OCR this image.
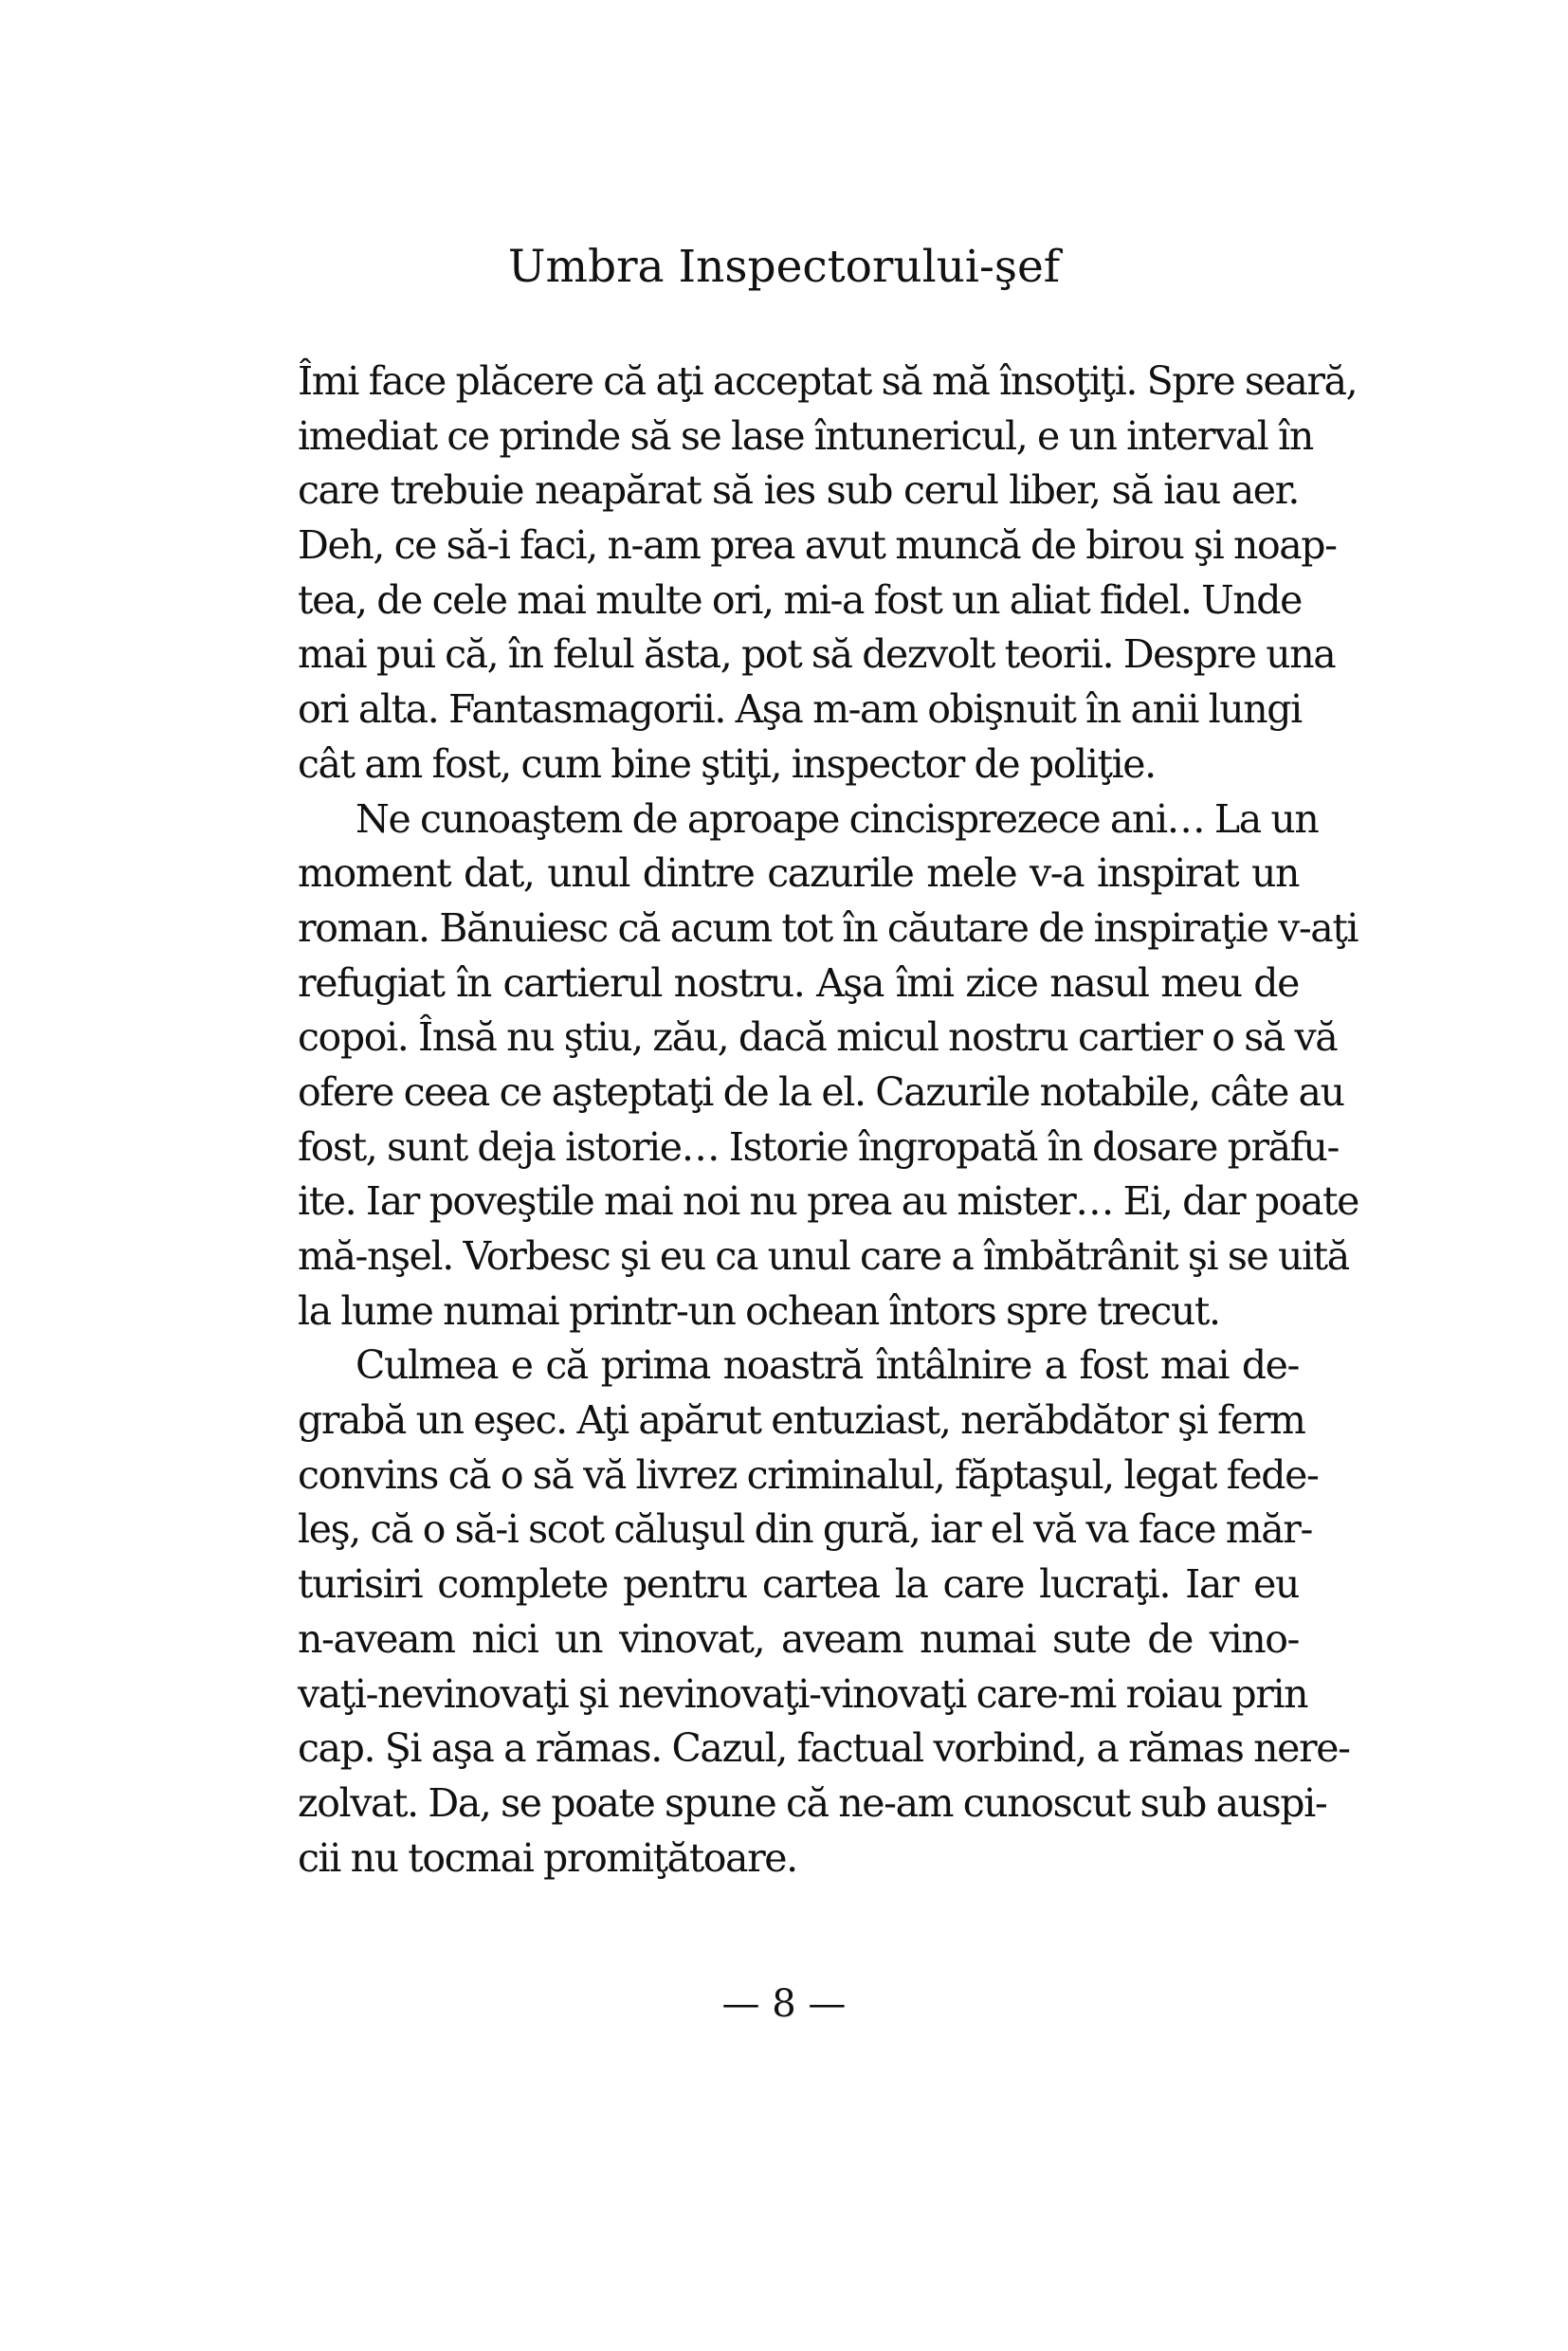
Umbra Inspectorului-şef
Îmi face plăcere că aţi acceptat să mă însoţiţi. Spre seară,
imediat ce prinde să se lase întunericul, e un interval în
care trebuie neapărat să ies sub cerul liber, să iau aer.
Deh, ce să-i faci, n-am prea avut muncă de birou şi noap-
tea, de cele mai multe ori, mi-a fost un aliat fidel. Unde
mai pui că, în felul ăsta, pot să dezvolt teorii. Despre una
ori alta. Fantasmagorii. Aşa m-am obişnuit în anii lungi
cât am fost, cum bine ştiţi, inspector de poliţie.
Ne cunoaştem de aproape cincisprezece ani… La un
moment dat, unul dintre cazurile mele v-a inspirat un
roman. Bănuiesc că acum tot în căutare de inspiraţie v-aţi
refugiat în cartierul nostru. Aşa îmi zice nasul meu de
copoi. Însă nu ştiu, zău, dacă micul nostru cartier o să vă
ofere ceea ce aşteptaţi de la el. Cazurile notabile, câte au
fost, sunt deja istorie… Istorie îngropată în dosare prăfu-
ite. Iar poveştile mai noi nu prea au mister… Ei, dar poate
mă-nşel. Vorbesc şi eu ca unul care a îmbătrânit şi se uită
la lume numai printr-un ochean întors spre trecut.
Culmea e că prima noastră întâlnire a fost mai de-
grabă un eşec. Aţi apărut entuziast, nerăbdător şi ferm
convins că o să vă livrez criminalul, făptaşul, legat fede-
leş, că o să-i scot căluşul din gură, iar el vă va face măr-
turisiri complete pentru cartea la care lucraţi. Iar eu
n-aveam nici un vinovat, aveam numai sute de vino-
vaţi-nevinovaţi şi nevinovaţi-vinovaţi care-mi roiau prin
cap. Şi aşa a rămas. Cazul, factual vorbind, a rămas nere-
zolvat. Da, se poate spune că ne-am cunoscut sub auspi-
cii nu tocmai promiţătoare.
— 8 —
